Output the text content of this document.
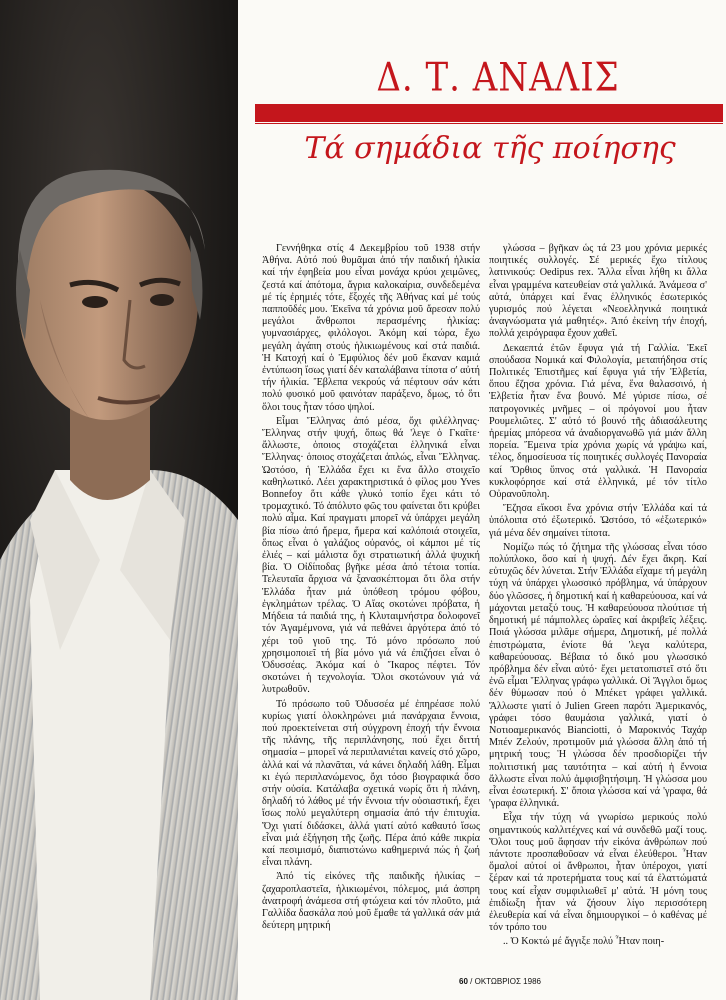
Δ. Τ. ΑΝΑΛΙΣ
Τά σημάδια τῆς ποίησης

Γεννήθηκα στίς 4 Δεκεμβρίου τοῦ 1938 στήν Ἀθήνα. Αὐτό πού θυμᾶμαι ἀπό τήν παιδική ἡλικία καί τήν ἐφηβεία μου εἶναι μονάχα κρύοι χειμῶνες, ζεστά καί ἀπότομα, ἄγρια καλοκαίρια, συνδεδεμένα μέ τίς ἐρημιές τότε, ἔξοχές τῆς Ἀθήνας καί μέ τούς παπποῦδές μου. Ἐκεῖνα τά χρόνια μοῦ ἄρεσαν πολύ μεγάλοι ἄνθρωποι περασμένης ἡλικίας: γυμνασιάρχες, φιλόλογοι. Ἀκόμη καί τώρα, ἔχω μεγάλη ἀγάπη στούς ἡλικιωμένους καί στά παιδιά. Ἡ Κατοχή καί ὁ Ἐμφύλιος δέν μοῦ ἔκαναν καμιά ἐντύπωση ἴσως γιατί δέν καταλάβαινα τίποτα σ' αὐτή τήν ἡλικία. Ἔβλεπα νεκρούς νά πέφτουν σάν κάτι πολύ φυσικό μοῦ φαινόταν παράξενο, δμως, τό ὅτι ὅλοι τους ἦταν τόσο ψηλοί.

Εἶμαι Ἕλληνας ἀπό μέσα, ὄχι φιλέλληνας· Ἕλληνας στήν ψυχή, ὅπως θά 'λεγε ὁ Γκαῖτε· ἄλλωστε, ὁποιος στοχάζεται ἑλληνικά εἶναι Ἕλληνας· ὁποιος στοχάζεται ἁπλώς, εἶναι Ἕλληνας. Ὡστόσο, ἡ Ἑλλάδα ἔχει κι ἕνα ἄλλο στοιχεῖο καθηλωτικό. Λέει χαρακτηριστικά ὁ φίλος μου Yves Bonnefoy ὅτι κάθε γλυκό τοπίο ἔχει κάτι τό τρομαχτικό. Τό ἀπόλυτο φῶς του φαίνεται ὅτι κρύβει πολύ αἷμα. Καί πραγματι μπορεῖ νά ὑπάρχει μεγάλη βία πίσω ἀπό ἤρεμα, ἥμερα καί καλόποιά στοιχεῖα, ὅπως εἶναι ὁ γαλάζιος οὐρανός, οἱ κάμποι μέ τίς ἐλιές – καί μάλιστα ὄχι στρατιωτική ἀλλά ψυχική βία. Ὁ Οἰδίποδας βγῆκε μέσα ἀπό τέτοια τοπία. Τελευταῖα ἄρχισα νά ξανασκέπτομαι ὅτι ὅλα στήν Ἑλλάδα ἦταν μιά ὑπόθεση τρόμου φόβου, ἐγκλημάτων τρέλας. Ὁ Αἴας σκοτώνει πρόβατα, ἡ Μήδεια τά παιδιά της, ἡ Κλυταιμνήστρα δολοφονεῖ τόν Ἀγαμέμνονα, γιά νά πεθάνει ἀργότερα ἀπό τό χέρι τοῦ γιοῦ της. Τό μόνο πρόσωπο πού χρησιμοποιεῖ τή βία μόνο γιά νά ἐπιζήσει εἶναι ὁ Ὀδυσσέας. Ἀκόμα καί ὁ Ἴκαρος πέφτει. Τόν σκοτώνει ἡ τεχνολογία. Ὅλοι σκοτώνουν γιά νά λυτρωθοῦν.

Τό πρόσωπο τοῦ Ὀδυσσέα μέ ἐπηρέασε πολύ κυρίως γιατί ὁλοκληρώνει μιά πανάρχαια ἔννοια, πού προεκτείνεται στή σύγχρονη ἐποχή τήν ἔννοια τῆς πλάνης, τῆς περιπλάνησης, πού ἔχει διττή σημασία – μπορεῖ νά περιπλανιέται κανείς στό χῶρο, ἀλλά καί νά πλανᾶται, νά κάνει δηλαδή λάθη. Εἶμαι κι ἐγώ περιπλανώμενος, ὄχι τόσο βιογραφικά ὅσο στήν οὐσία. Κατάλαβα σχετικά νωρίς ὅτι ἡ πλάνη, δηλαδή τό λάθος μέ τήν ἔννοια τήν οὐσιαστική, ἔχει ἴσως πολύ μεγαλύτερη σημασία ἀπό τήν ἐπιτυχία. Ὄχι γιατί διδάσκει, ἀλλά γιατί αὐτό καθαυτό ἴσως εἶναι μιά ἐξήγηση τῆς ζωῆς. Πέρα ἀπό κάθε πικρία καί πεσιμισμό, διαπιστώνω καθημερινά πώς ἡ ζωή εἶναι πλάνη.

Ἀπό τίς εἰκόνες τῆς παιδικῆς ἡλικίας – ζαχαροπλαστεῖα, ἡλικιωμένοι, πόλεμος, μιά ἀσπρη ἀνατροφή ἀνάμεσα στή φτώχεια καί τόν πλοῦτο, μιά Γαλλίδα δασκάλα πού μοῦ ἔμαθε τά γαλλικά σάν μιά δεύτερη μητρική

γλώσσα – βγῆκαν ὡς τά 23 μου χρόνια μερικές ποιητικές συλλογές. Σέ μερικές ἔχω τίτλους λατινικούς: Oedipus rex. Ἄλλα εἶναι λήθη κι ἄλλα εἶναι γραμμένα κατευθείαν στά γαλλικά. Ἀνάμεσα σ' αὐτά, ὑπάρχει καί ἕνας ἑλληνικός ἐσωτερικός γυρισμός πού λέγεται «Νεοελληνικά ποιητικά ἀναγνώσματα γιά μαθητές». Ἀπό ἐκείνη τήν ἐποχή, πολλά χειρόγραφα ἔχουν χαθεῖ.

Δεκαεπτά ἐτῶν ἔφυγα γιά τή Γαλλία. Ἐκεῖ σπούδασα Νομικά καί Φιλολογία, μεταπήδησα στίς Πολιτικές Ἐπιστῆμες καί ἔφυγα γιά τήν Ἑλβετία, ὅπου ἔζησα χρόνια. Γιά μένα, ἕνα θαλασσινό, ἡ Ἑλβετία ἦταν ἕνα βουνό. Μέ γύρισε πίσω, σέ πατρογονικές μνῆμες – οἱ πρόγονοί μου ἦταν Ρουμελιῶτες. Σ' αὐτό τό βουνό τῆς ἀδιασάλευτης ἠρεμίας μπόρεσα νά ἀναδιοργανωθῶ γιά μιάν ἄλλη πορεία. Ἔμεινα τρία χρόνια χωρίς νά γράψω καί, τέλος, δημοσίευσα τίς ποιητικές συλλογές Πανοραία καί Ὄρθιος ὕπνος στά γαλλικά. Ἡ Πανοραία κυκλοφόρησε καί στά ἑλληνικά, μέ τόν τίτλο Οὐρανοῦπολη.

Ἔζησα εἴκοσι ἕνα χρόνια στήν Ἑλλάδα καί τά ὑπόλοιπα στό ἐξωτερικό. Ὡστόσο, τό «ἐξωτερικό» γιά μένα δέν σημαίνει τίποτα.

Νομίζω πώς τό ζήτημα τῆς γλώσσας εἶναι τόσο πολύπλοκο, ὅσο καί ἡ ψυχή. Δέν ἔχει ἄκρη. Καί εὐτυχῶς δέν λύνεται. Στήν Ἑλλάδα εἴχαμε τή μεγάλη τύχη νά ὑπάρχει γλωσσικό πρόβλημα, νά ὑπάρχουν δύο γλῶσσες, ἡ δημοτική καί ἡ καθαρεύουσα, καί νά μάχονται μεταξύ τους. Ἡ καθαρεύουσα πλούτισε τή δημοτική μέ πάμπολλες ὡραῖες καί ἀκριβεῖς λέξεις. Ποιά γλώσσα μιλᾶμε σήμερα, Δημοτική, μέ πολλά ἐπιστρώματα, ἐνίοτε θά 'λεγα καλύτερα, καθαρεύουσας. Βέβαια τό δικό μου γλωσσικό πρόβλημα δέν εἶναι αὐτό· ἔχει μετατοπιστεῖ στό ὅτι ἐνῶ εἶμαι Ἕλληνας γράφω γαλλικά. Οἱ Ἄγγλοι ὅμως δέν θύμωσαν πού ὁ Μπέκετ γράφει γαλλικά. Ἄλλωστε γιατί ὁ Julien Green παρότι Ἀμερικανός, γράφει τόσο θαυμάσια γαλλικά, γιατί ὁ Νοτιοαμερικανός Bianciotti, ὁ Μαροκινός Ταχάρ Μπέν Ζελούν, προτιμοῦν μιά γλώσσα ἄλλη ἀπό τή μητρική τους; Ἡ γλώσσα δέν προσδιορίζει τήν πολιτιστική μας ταυτότητα – καί αὐτή ἡ ἔννοια ἄλλωστε εἶναι πολύ ἀμφισβητήσιμη. Ἡ γλώσσα μου εἶναι ἐσωτερική. Σ' ὅποια γλώσσα καί νά 'γραφα, θά 'γραφα ἑλληνικά.

Εἶχα τήν τύχη νά γνωρίσω μερικούς πολύ σημαντικούς καλλιτέχνες καί νά συνδεθῶ μαζί τους. Ὅλοι τους μοῦ ἄφησαν τήν εἰκόνα ἀνθρώπων πού πάντοτε προσπαθοῦσαν νά εἶναι ἐλεύθεροι. Ἦταν ὅμαλοί αὐτοί οἱ ἄνθρωποι, ἦταν ὑπέροχοι, γιατί ξέραν καί τά προτερήματα τους καί τά ἐλαττώματά τους καί εἶχαν συμφιλιωθεῖ μ' αὐτά. Ἡ μόνη τους ἐπιδίωξη ἦταν νά ζήσουν λίγο περισσότερη ἐλευθερία καί νά εἶναι δημιουργικοί – ὁ καθένας μέ τόν τρόπο του

.. Ὁ Κοκτώ μέ ἄγγιξε πολύ Ἦταν ποιη-

60 / ΟΚΤΩΒΡΙΟΣ 1986
